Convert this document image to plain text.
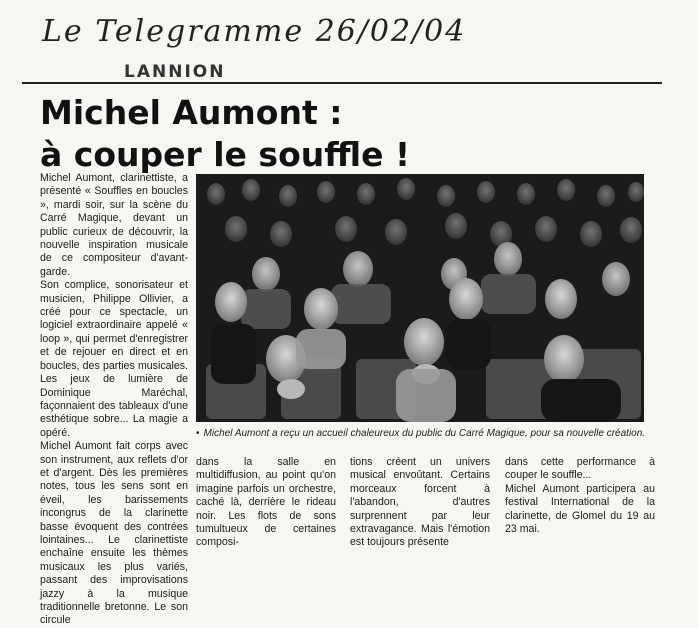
Le Telegramme 26/02/04
LANNION
Michel Aumont :
à couper le souffle !

Michel Aumont, clarinettiste, a présenté « Souffles en boucles », mardi soir, sur la scène du Carré Magique, devant un public curieux de découvrir, la nouvelle inspiration musicale de ce compositeur d'avant-garde.

Son complice, sonorisateur et musicien, Philippe Ollivier, a créé pour ce spectacle, un logiciel extraordinaire appelé « loop », qui permet d'enregistrer et de rejouer en direct et en boucles, des parties musicales. Les jeux de lumière de Dominique Maréchal, façonnaient des tableaux d'une esthétique sobre... La magie a opéré.

Michel Aumont fait corps avec son instrument, aux reflets d'or et d'argent. Dès les premières notes, tous les sens sont en éveil, les barissements incongrus de la clarinette basse évoquent des contrées lointaines... Le clarinettiste enchaîne ensuite les thèmes musicaux les plus variés, passant des improvisations jazzy à la musique traditionnelle bretonne. Le son circule

• Michel Aumont a reçu un accueil chaleureux du public du Carré Magique, pour sa nouvelle création.

dans la salle en multidiffusion, au point qu'on imagine parfois un orchestre, caché là, derrière le rideau noir. Les flots de sons tumultueux de certaines composi-

tions créent un univers musical envoûtant. Certains morceaux forcent à l'abandon, d'autres surprennent par leur extravagance. Mais l'émotion est toujours présente

dans cette performance à couper le souffle...

Michel Aumont participera au festival International de la clarinette, de Glomel du 19 au 23 mai.
